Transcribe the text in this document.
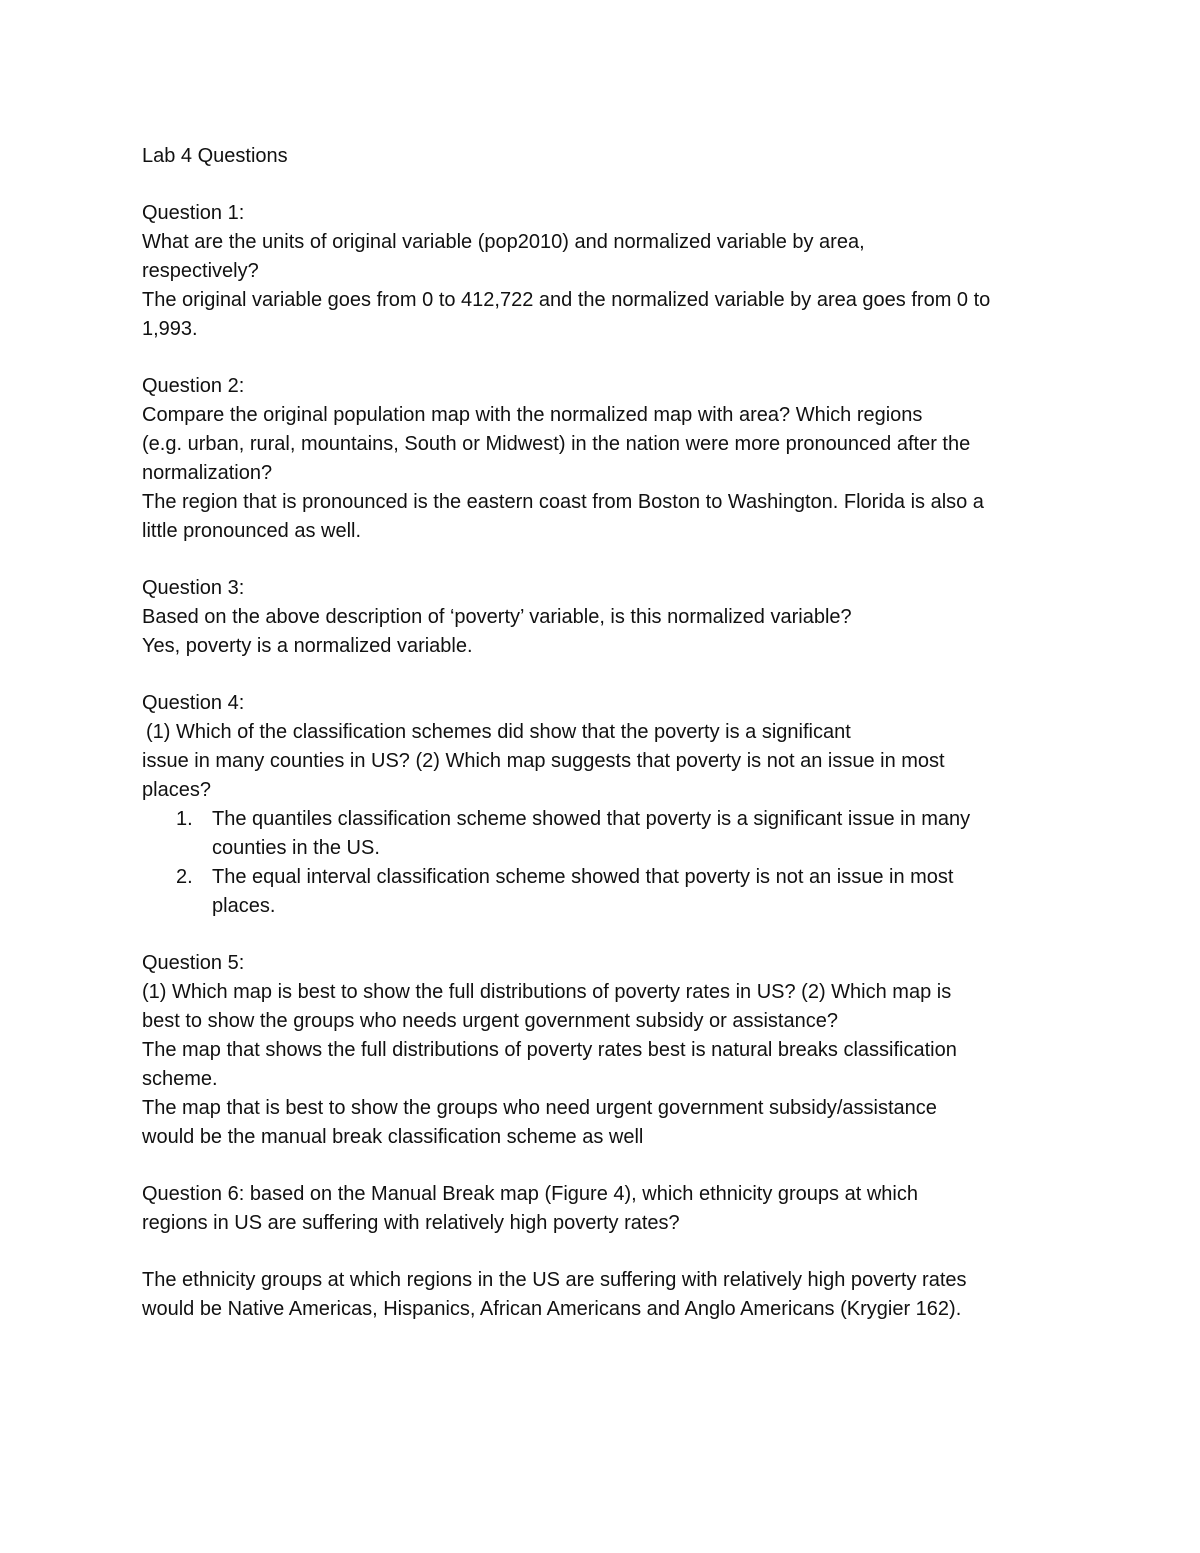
Lab 4 Questions
Question 1:
What are the units of original variable (pop2010) and normalized variable by area,
respectively?
The original variable goes from 0 to 412,722 and the normalized variable by area goes from 0 to
1,993.
Question 2:
Compare the original population map with the normalized map with area? Which regions
(e.g. urban, rural, mountains, South or Midwest) in the nation were more pronounced after the
normalization?
The region that is pronounced is the eastern coast from Boston to Washington. Florida is also a
little pronounced as well.
Question 3:
Based on the above description of ‘poverty’ variable, is this normalized variable?
Yes, poverty is a normalized variable.
Question 4:
(1) Which of the classification schemes did show that the poverty is a significant
issue in many counties in US? (2) Which map suggests that poverty is not an issue in most
places?
1. The quantiles classification scheme showed that poverty is a significant issue in many
counties in the US.
2. The equal interval classification scheme showed that poverty is not an issue in most
places.
Question 5:
(1) Which map is best to show the full distributions of poverty rates in US? (2) Which map is
best to show the groups who needs urgent government subsidy or assistance?
The map that shows the full distributions of poverty rates best is natural breaks classification
scheme.
The map that is best to show the groups who need urgent government subsidy/assistance
would be the manual break classification scheme as well
Question 6: based on the Manual Break map (Figure 4), which ethnicity groups at which
regions in US are suffering with relatively high poverty rates?
The ethnicity groups at which regions in the US are suffering with relatively high poverty rates
would be Native Americas, Hispanics, African Americans and Anglo Americans (Krygier 162).
